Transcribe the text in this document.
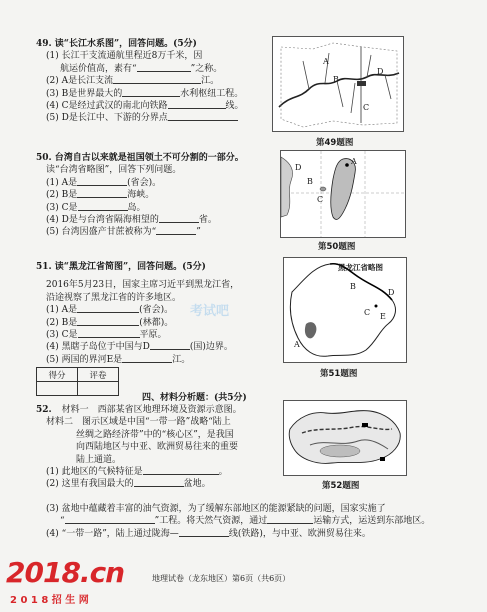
49. 读“长江水系图”，回答问题。(5分)
(1) 长江干支流通航里程近8万千米，因
航运价值高，素有“	”之称。
(2) A是长江支流	江。
(3) B是世界最大的	水利枢纽工程。
(4) C是经过武汉的南北向铁路	线。
(5) D是长江中、下游的分界点
A
B
C
D
第49题图
50. 台湾自古以来就是祖国领土不可分割的一部分。
读“台湾省略图”，回答下列问题。
(1) A是	(省会)。
(2) B是	海峡。
(3) C是	岛。
(4) D是与台湾省隔海相望的	省。
(5) 台湾因盛产甘蔗被称为“	”
A
B
C
D
第50题图
51. 读“黑龙江省简图”，回答问题。(5分)
2016年5月23日，国家主席习近平到黑龙江省，
沿途视察了黑龙江省的许多地区。
(1) A是	(省会)。
(2) B是	(林都)。
(3) C是	平原。
(4) 黑瞎子岛位于中国与D	(国)边界。
(5) 两国的界河E是	江。
黑龙江省略图
A
B
C
D
E
第51题图
考试吧
得分	评卷

四、材料分析题：(共5分)
52. 材料一　西部某省区地理环境及资源示意图。
材料二　图示区域是中国“一带一路”战略“陆上
丝绸之路经济带”中的“核心区”，是我国
向西陆地区与中亚、欧洲贸易往来的重要
陆上通道。
(1) 此地区的气候特征是	。
(2) 这里有我国最大的	盆地。	第52题图
(3) 盆地中蕴藏着丰富的油气资源，为了缓解东部地区的能源紧缺的问题，国家实施了
“	”工程。将天然气资源，通过	运输方式，运送到东部地区。
(4) “一带一路”，陆上通过陇海—	线(铁路)，与中亚、欧洲贸易往来。
地理试卷（龙东地区）第6页（共6页）
2018.cn
2 0 1 8 招 生 网
